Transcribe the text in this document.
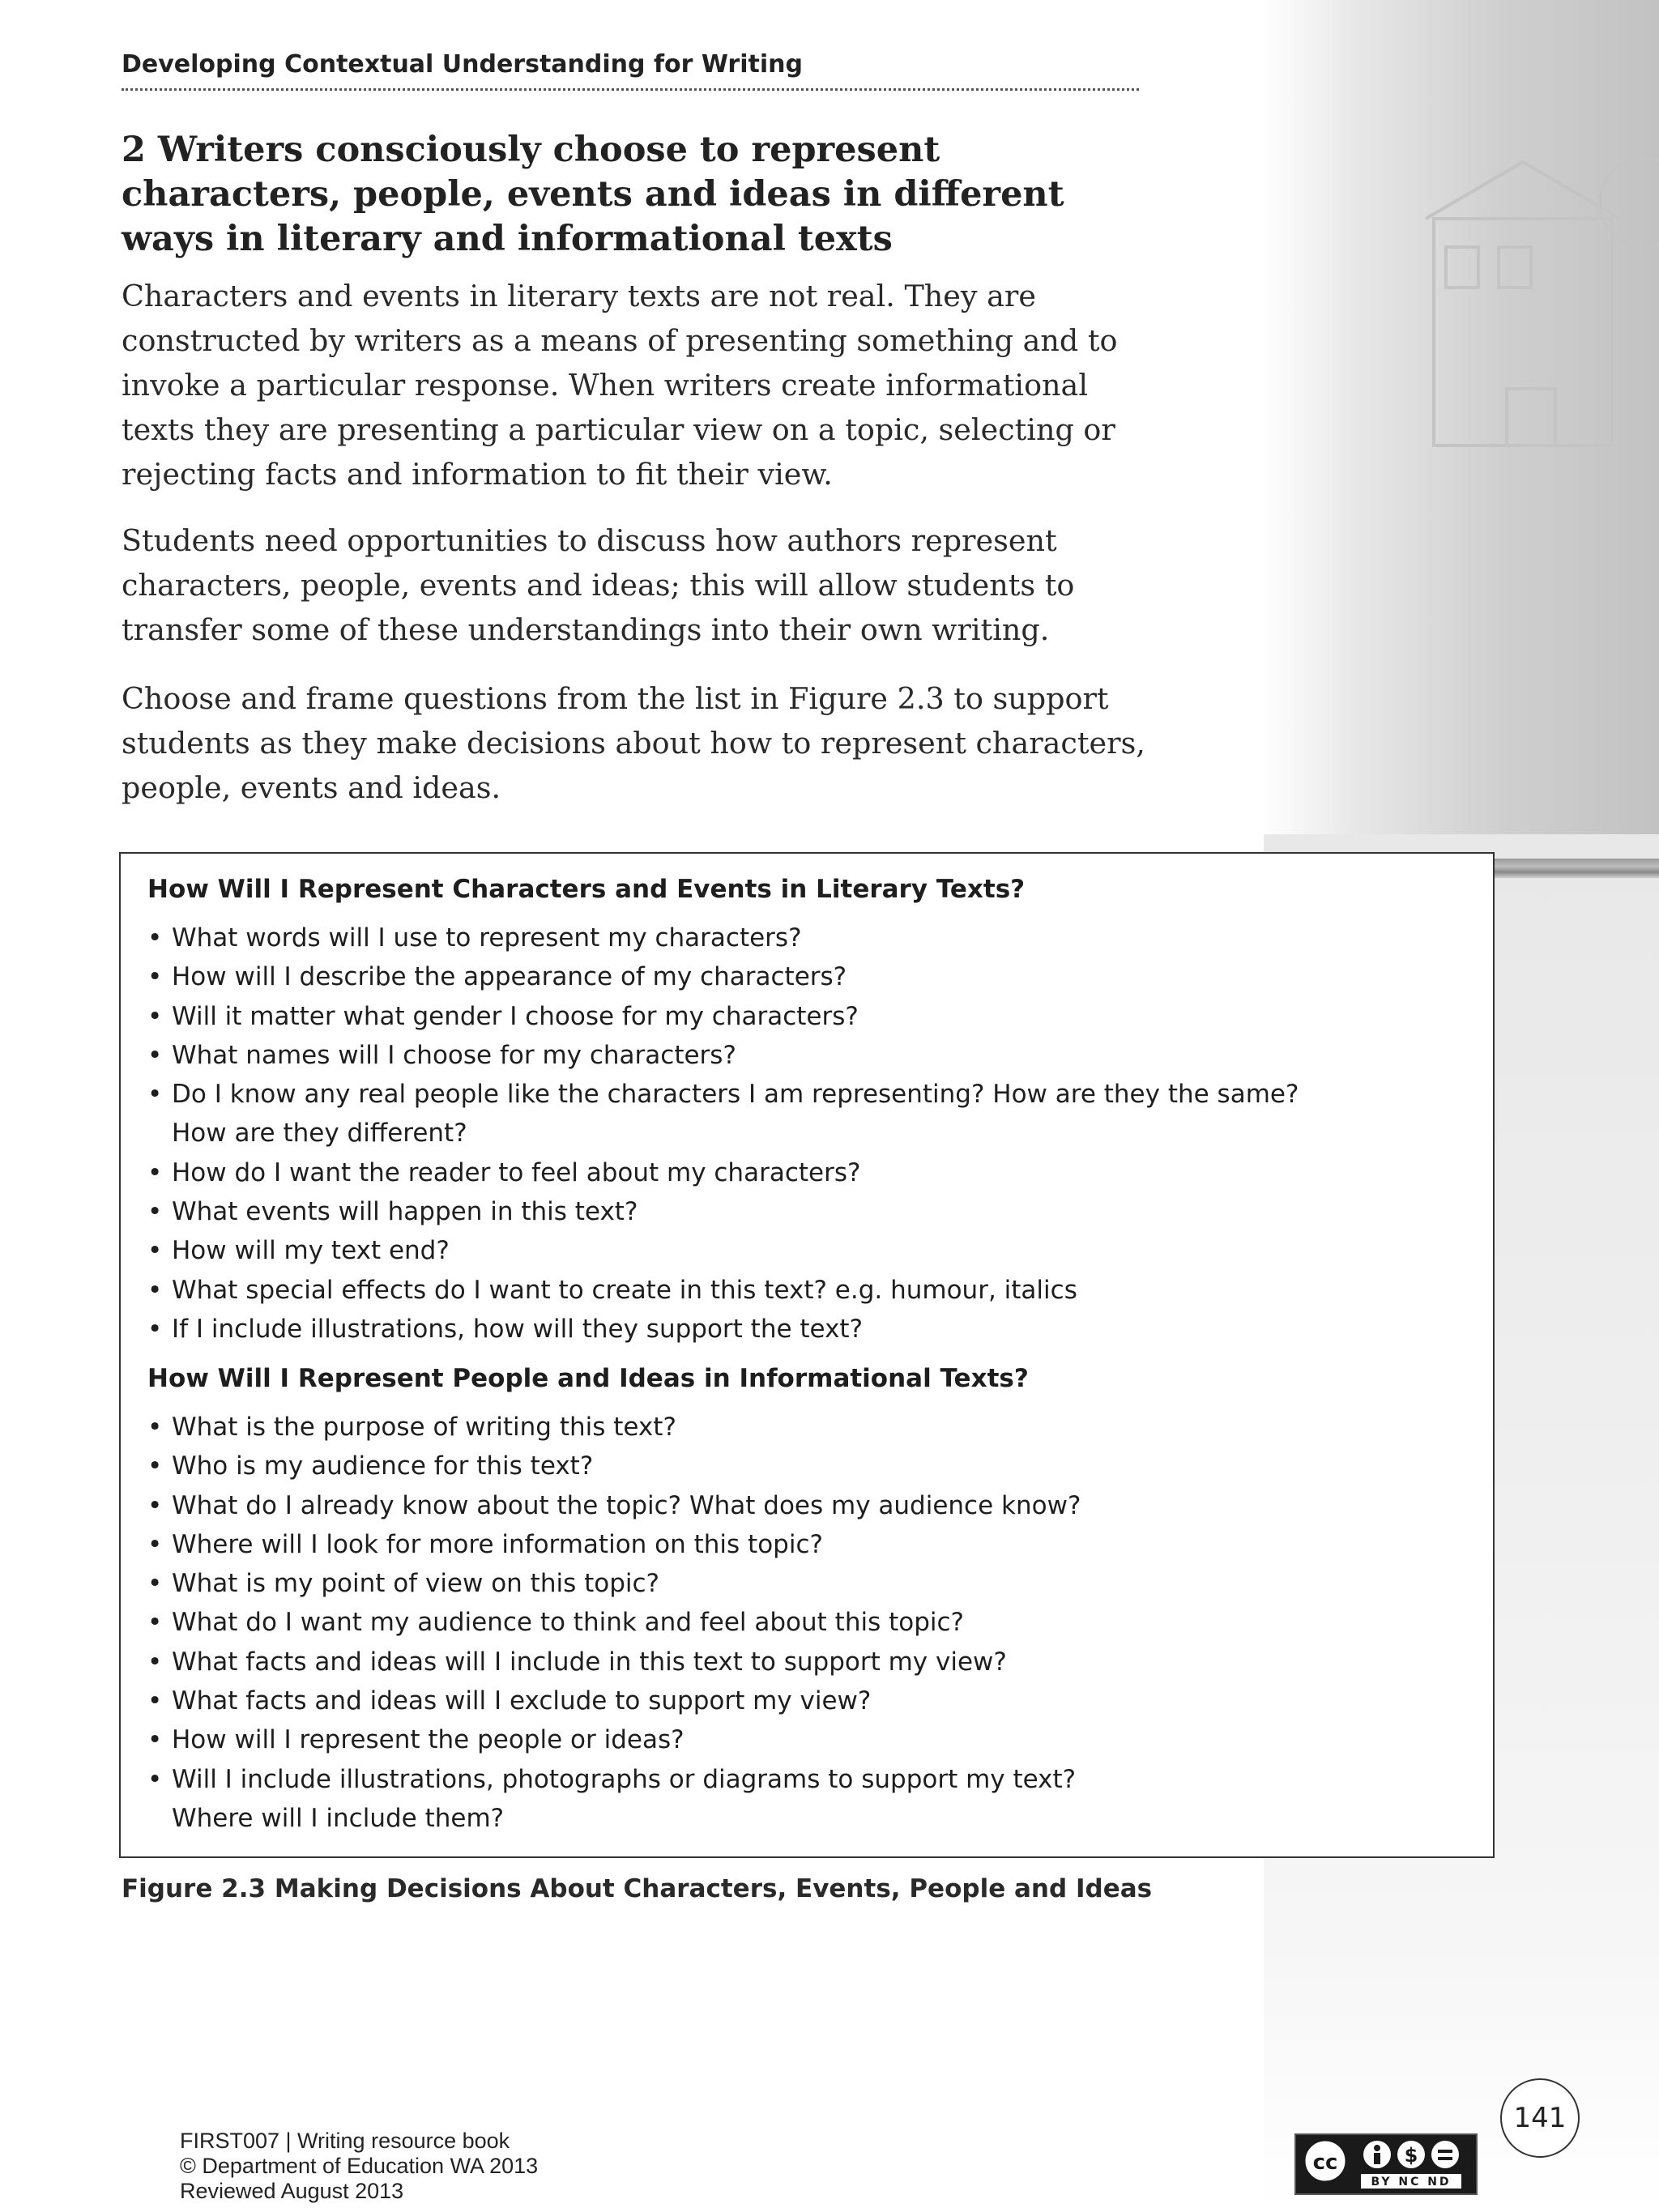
Developing Contextual Understanding for Writing
2 Writers consciously choose to represent characters, people, events and ideas in different ways in literary and informational texts

Characters and events in literary texts are not real. They are constructed by writers as a means of presenting something and to invoke a particular response. When writers create informational texts they are presenting a particular view on a topic, selecting or rejecting facts and information to fit their view.

Students need opportunities to discuss how authors represent characters, people, events and ideas; this will allow students to transfer some of these understandings into their own writing.

Choose and frame questions from the list in Figure 2.3 to support students as they make decisions about how to represent characters, people, events and ideas.

How Will I Represent Characters and Events in Literary Texts?
• What words will I use to represent my characters?
• How will I describe the appearance of my characters?
• Will it matter what gender I choose for my characters?
• What names will I choose for my characters?
• Do I know any real people like the characters I am representing? How are they the same?
How are they different?
• How do I want the reader to feel about my characters?
• What events will happen in this text?
• How will my text end?
• What special effects do I want to create in this text? e.g. humour, italics
• If I include illustrations, how will they support the text?
How Will I Represent People and Ideas in Informational Texts?
• What is the purpose of writing this text?
• Who is my audience for this text?
• What do I already know about the topic? What does my audience know?
• Where will I look for more information on this topic?
• What is my point of view on this topic?
• What do I want my audience to think and feel about this topic?
• What facts and ideas will I include in this text to support my view?
• What facts and ideas will I exclude to support my view?
• How will I represent the people or ideas?
• Will I include illustrations, photographs or diagrams to support my text?
Where will I include them?
Figure 2.3 Making Decisions About Characters, Events, People and Ideas
FIRST007 | Writing resource book
© Department of Education WA 2013
Reviewed August 2013
141
cc	$
BY NC ND
